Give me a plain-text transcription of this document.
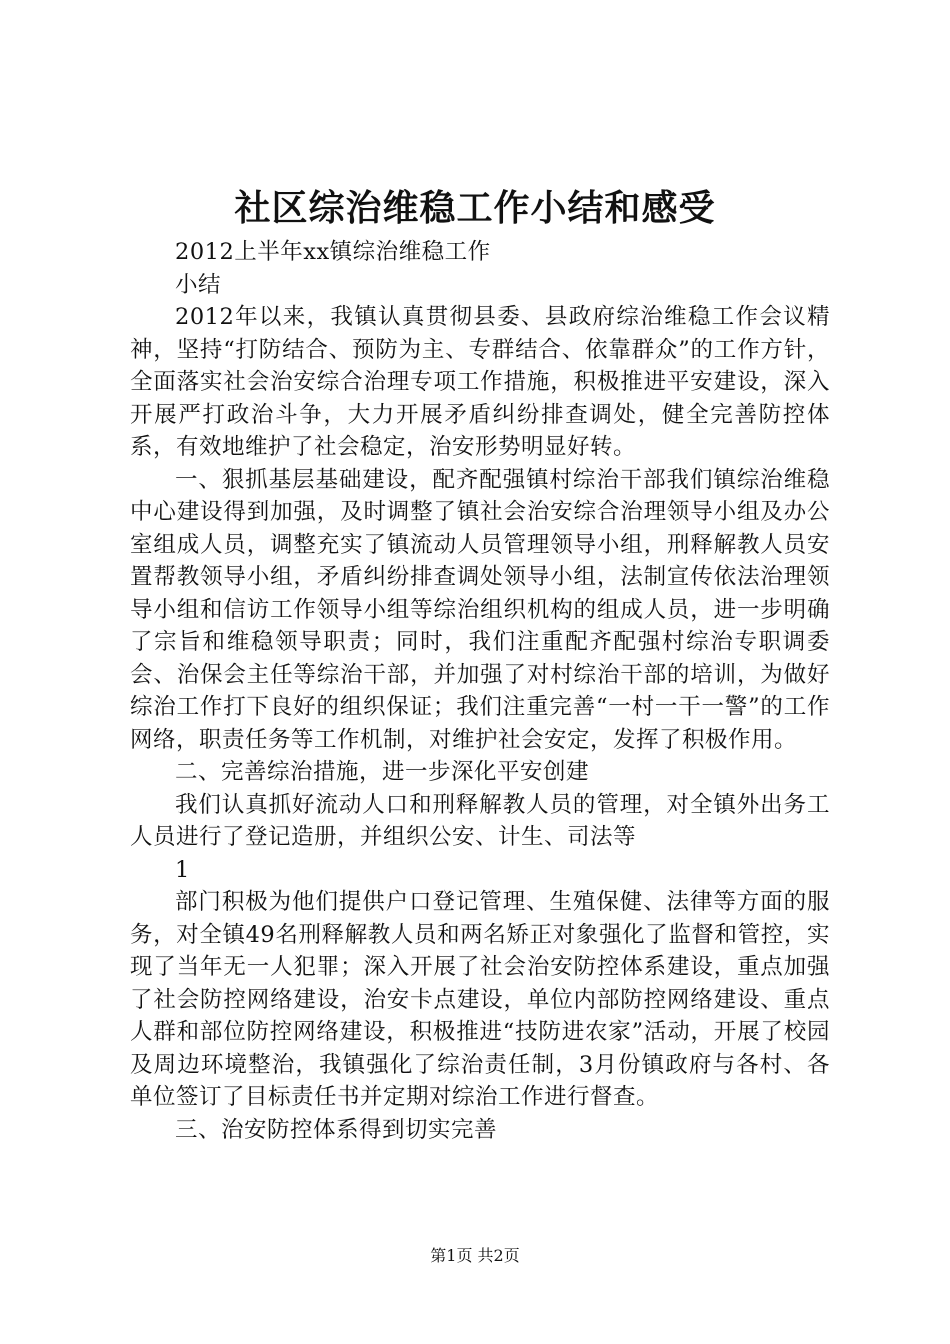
社区综治维稳工作小结和感受

2012上半年xx镇综治维稳工作

小结

2012年以来，我镇认真贯彻县委、县政府综治维稳工作会议精神，坚持“打防结合、预防为主、专群结合、依靠群众”的工作方针，全面落实社会治安综合治理专项工作措施，积极推进平安建设，深入开展严打政治斗争，大力开展矛盾纠纷排查调处，健全完善防控体系，有效地维护了社会稳定，治安形势明显好转。

一、狠抓基层基础建设，配齐配强镇村综治干部我们镇综治维稳中心建设得到加强，及时调整了镇社会治安综合治理领导小组及办公室组成人员，调整充实了镇流动人员管理领导小组，刑释解教人员安置帮教领导小组，矛盾纠纷排查调处领导小组，法制宣传依法治理领导小组和信访工作领导小组等综治组织机构的组成人员，进一步明确了宗旨和维稳领导职责；同时，我们注重配齐配强村综治专职调委会、治保会主任等综治干部，并加强了对村综治干部的培训，为做好综治工作打下良好的组织保证；我们注重完善“一村一干一警”的工作网络，职责任务等工作机制，对维护社会安定，发挥了积极作用。

二、完善综治措施，进一步深化平安创建

我们认真抓好流动人口和刑释解教人员的管理，对全镇外出务工人员进行了登记造册，并组织公安、计生、司法等

1

部门积极为他们提供户口登记管理、生殖保健、法律等方面的服务，对全镇49名刑释解教人员和两名矫正对象强化了监督和管控，实现了当年无一人犯罪；深入开展了社会治安防控体系建设，重点加强了社会防控网络建设，治安卡点建设，单位内部防控网络建设、重点人群和部位防控网络建设，积极推进“技防进农家”活动，开展了校园及周边环境整治，我镇强化了综治责任制，3月份镇政府与各村、各单位签订了目标责任书并定期对综治工作进行督查。

三、治安防控体系得到切实完善

第1页 共2页
